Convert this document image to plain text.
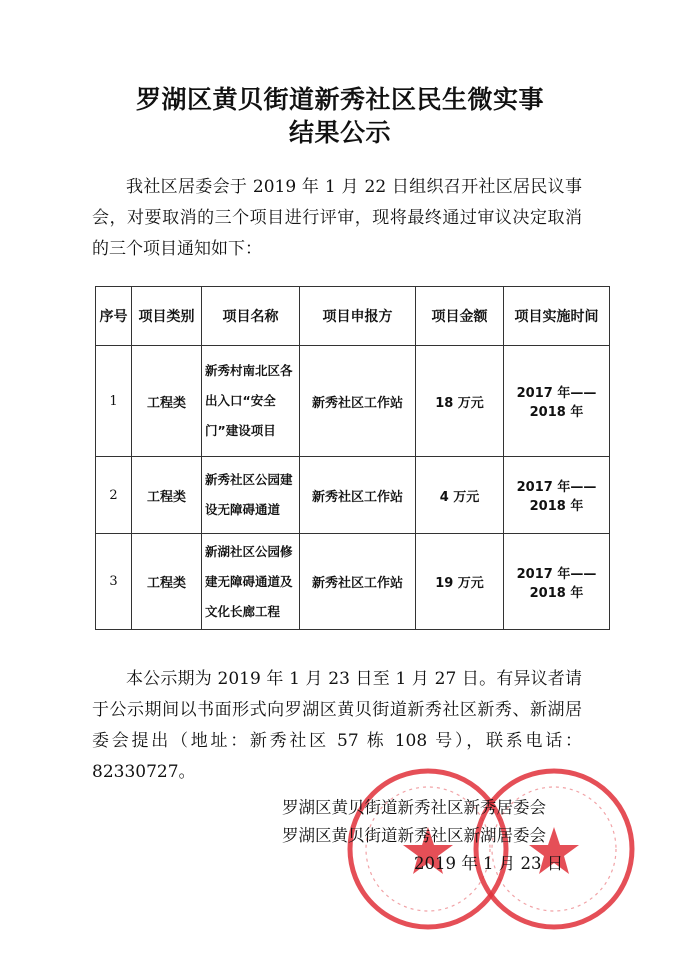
罗湖区黄贝街道新秀社区民生微实事
结果公示
我社区居委会于 2019 年 1 月 22 日组织召开社区居民议事会，对要取消的三个项目进行评审，现将最终通过审议决定取消的三个项目通知如下：
序号	项目类别	项目名称	项目申报方	项目金额	项目实施时间
1	工程类	新秀村南北区各出入口“安全门”建设项目	新秀社区工作站	18 万元	2017 年——
2018 年

2	工程类	新秀社区公园建设无障碍通道	新秀社区工作站	4 万元	2017 年——
2018 年

3	工程类	新湖社区公园修建无障碍通道及文化长廊工程	新秀社区工作站	19 万元	2017 年——
2018 年
本公示期为 2019 年 1 月 23 日至 1 月 27 日。有异议者请于公示期间以书面形式向罗湖区黄贝街道新秀社区新秀、新湖居委会提出（地址：新秀社区 57 栋 108 号），联系电话：82330727。
罗湖区黄贝街道新秀社区新秀居委会
罗湖区黄贝街道新秀社区新湖居委会
2019 年 1 月 23 日
